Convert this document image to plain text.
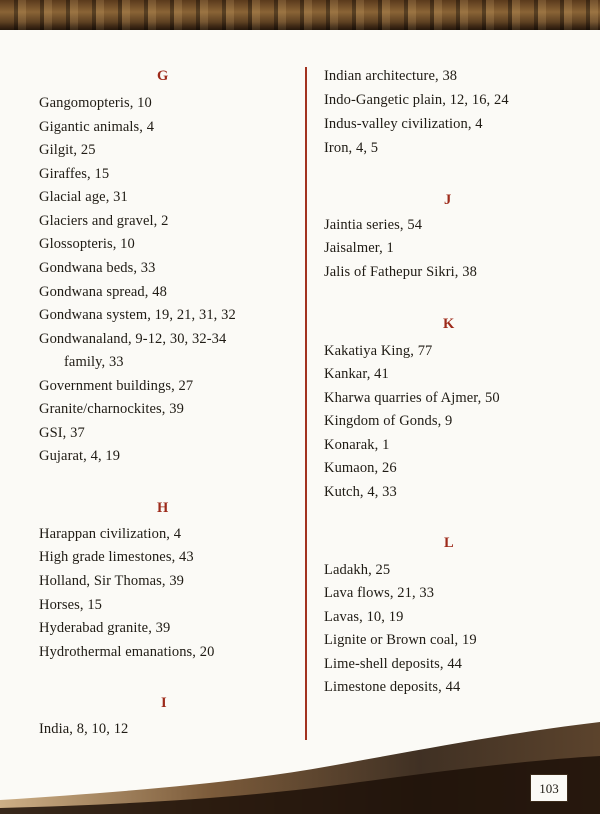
G
Gangomopteris, 10
Gigantic animals, 4
Gilgit, 25
Giraffes, 15
Glacial age, 31
Glaciers and gravel, 2
Glossopteris, 10
Gondwana beds, 33
Gondwana spread, 48
Gondwana system, 19, 21, 31, 32
Gondwanaland, 9-12, 30, 32-34
family, 33
Government buildings, 27
Granite/charnockites, 39
GSI, 37
Gujarat, 4, 19
H
Harappan civilization, 4
High grade limestones, 43
Holland, Sir Thomas, 39
Horses, 15
Hyderabad granite, 39
Hydrothermal emanations, 20
I
India, 8, 10, 12
Indian architecture, 38
Indo-Gangetic plain, 12, 16, 24
Indus-valley civilization, 4
Iron, 4, 5
J
Jaintia series, 54
Jaisalmer, 1
Jalis of Fathepur Sikri, 38
K
Kakatiya King, 77
Kankar, 41
Kharwa quarries of Ajmer, 50
Kingdom of Gonds, 9
Konarak, 1
Kumaon, 26
Kutch, 4, 33
L
Ladakh, 25
Lava flows, 21, 33
Lavas, 10, 19
Lignite or Brown coal, 19
Lime-shell deposits, 44
Limestone deposits, 44
103
